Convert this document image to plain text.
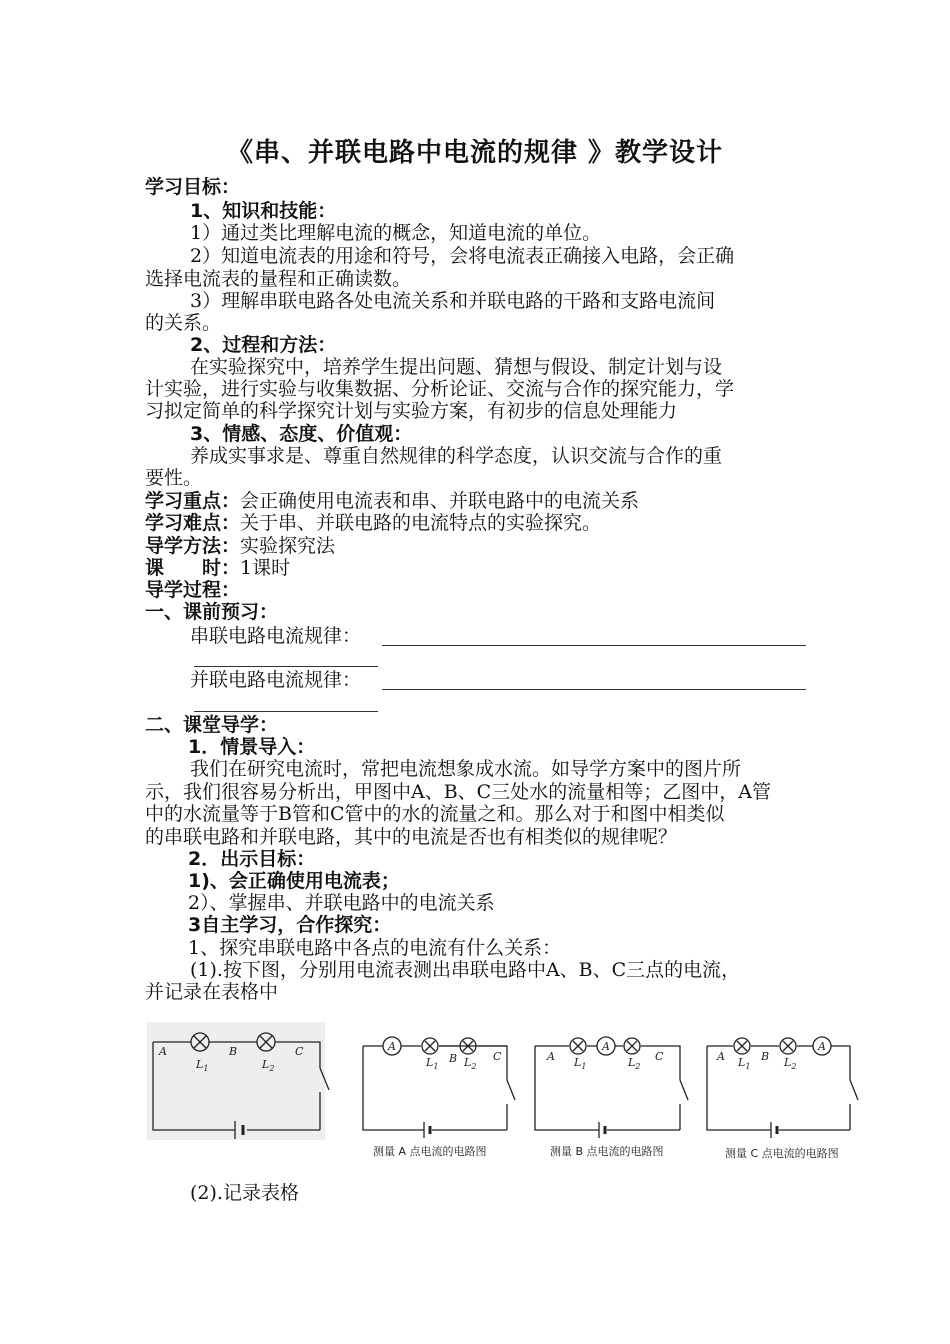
《串、并联电路中电流的规律 》教学设计
学习目标：
1、知识和技能：
1）通过类比理解电流的概念，知道电流的单位。
2）知道电流表的用途和符号，会将电流表正确接入电路，会正确
选择电流表的量程和正确读数。
3）理解串联电路各处电流关系和并联电路的干路和支路电流间
的关系。
2、过程和方法：
在实验探究中，培养学生提出问题、猜想与假设、制定计划与设
计实验，进行实验与收集数据、分析论证、交流与合作的探究能力，学
习拟定简单的科学探究计划与实验方案，有初步的信息处理能力
3、情感、态度、价值观：
养成实事求是、尊重自然规律的科学态度，认识交流与合作的重
要性。
学习重点：会正确使用电流表和串、并联电路中的电流关系
学习难点：关于串、并联电路的电流特点的实验探究。
导学方法：实验探究法
课　　时：1课时
导学过程：
一、课前预习：
串联电路电流规律：
并联电路电流规律：
二、课堂导学：
1．情景导入：
我们在研究电流时，常把电流想象成水流。如导学方案中的图片所
示，我们很容易分析出，甲图中A、B、C三处水的流量相等；乙图中，A管
中的水流量等于B管和C管中的水的流量之和。那么对于和图中相类似
的串联电路和并联电路，其中的电流是否也有相类似的规律呢？
2．出示目标：
1)、会正确使用电流表；
2）、掌握串、并联电路中的电流关系
3自主学习，合作探究：
1、探究串联电路中各点的电流有什么关系：
(1).按下图，分别用电流表测出串联电路中A、B、C三点的电流，
并记录在表格中
A	B	C
$L_1$	$L_2$
A
$L_1$
B $L_2$
C
测量 A 点电流的电路图
A $L_1$
A
$L_2$
C
测量 B 点电流的电路图
A $L_1$
B $L_2$
A
测量 C 点电流的电路图
(2).记录表格
